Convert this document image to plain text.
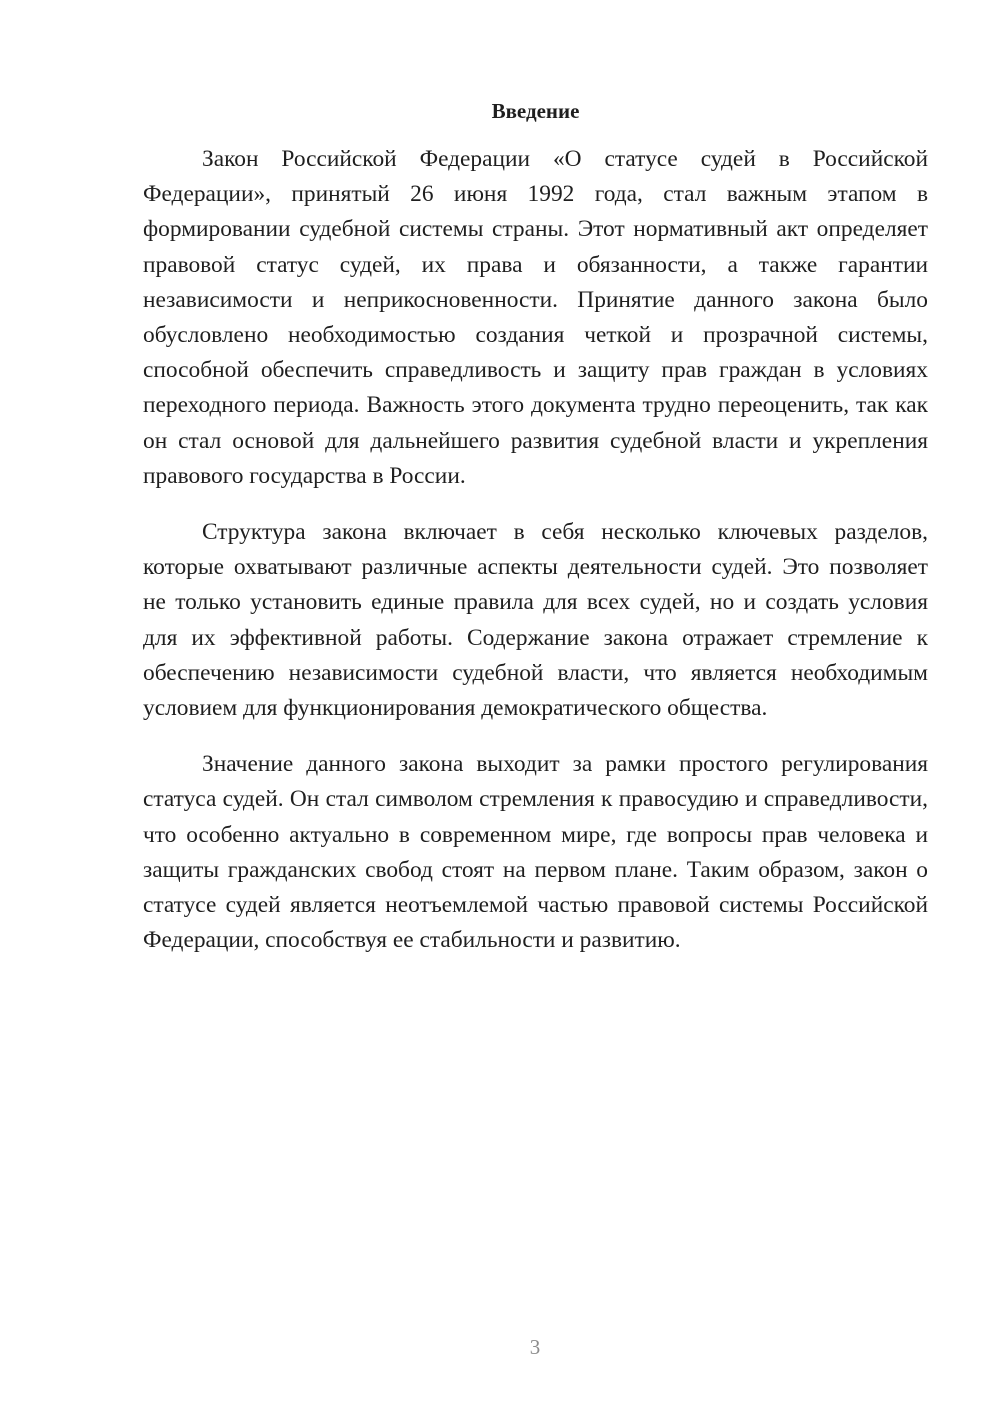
Введение

Закон Российской Федерации «О статусе судей в Российской Федерации», принятый 26 июня 1992 года, стал важным этапом в формировании судебной системы страны. Этот нормативный акт определяет правовой статус судей, их права и обязанности, а также гарантии независимости и неприкосновенности. Принятие данного закона было обусловлено необходимостью создания четкой и прозрачной системы, способной обеспечить справедливость и защиту прав граждан в условиях переходного периода. Важность этого документа трудно переоценить, так как он стал основой для дальнейшего развития судебной власти и укрепления правового государства в России.

Структура закона включает в себя несколько ключевых разделов, которые охватывают различные аспекты деятельности судей. Это позволяет не только установить единые правила для всех судей, но и создать условия для их эффективной работы. Содержание закона отражает стремление к обеспечению независимости судебной власти, что является необходимым условием для функционирования демократического общества.

Значение данного закона выходит за рамки простого регулирования статуса судей. Он стал символом стремления к правосудию и справедливости, что особенно актуально в современном мире, где вопросы прав человека и защиты гражданских свобод стоят на первом плане. Таким образом, закон о статусе судей является неотъемлемой частью правовой системы Российской Федерации, способствуя ее стабильности и развитию.

3
